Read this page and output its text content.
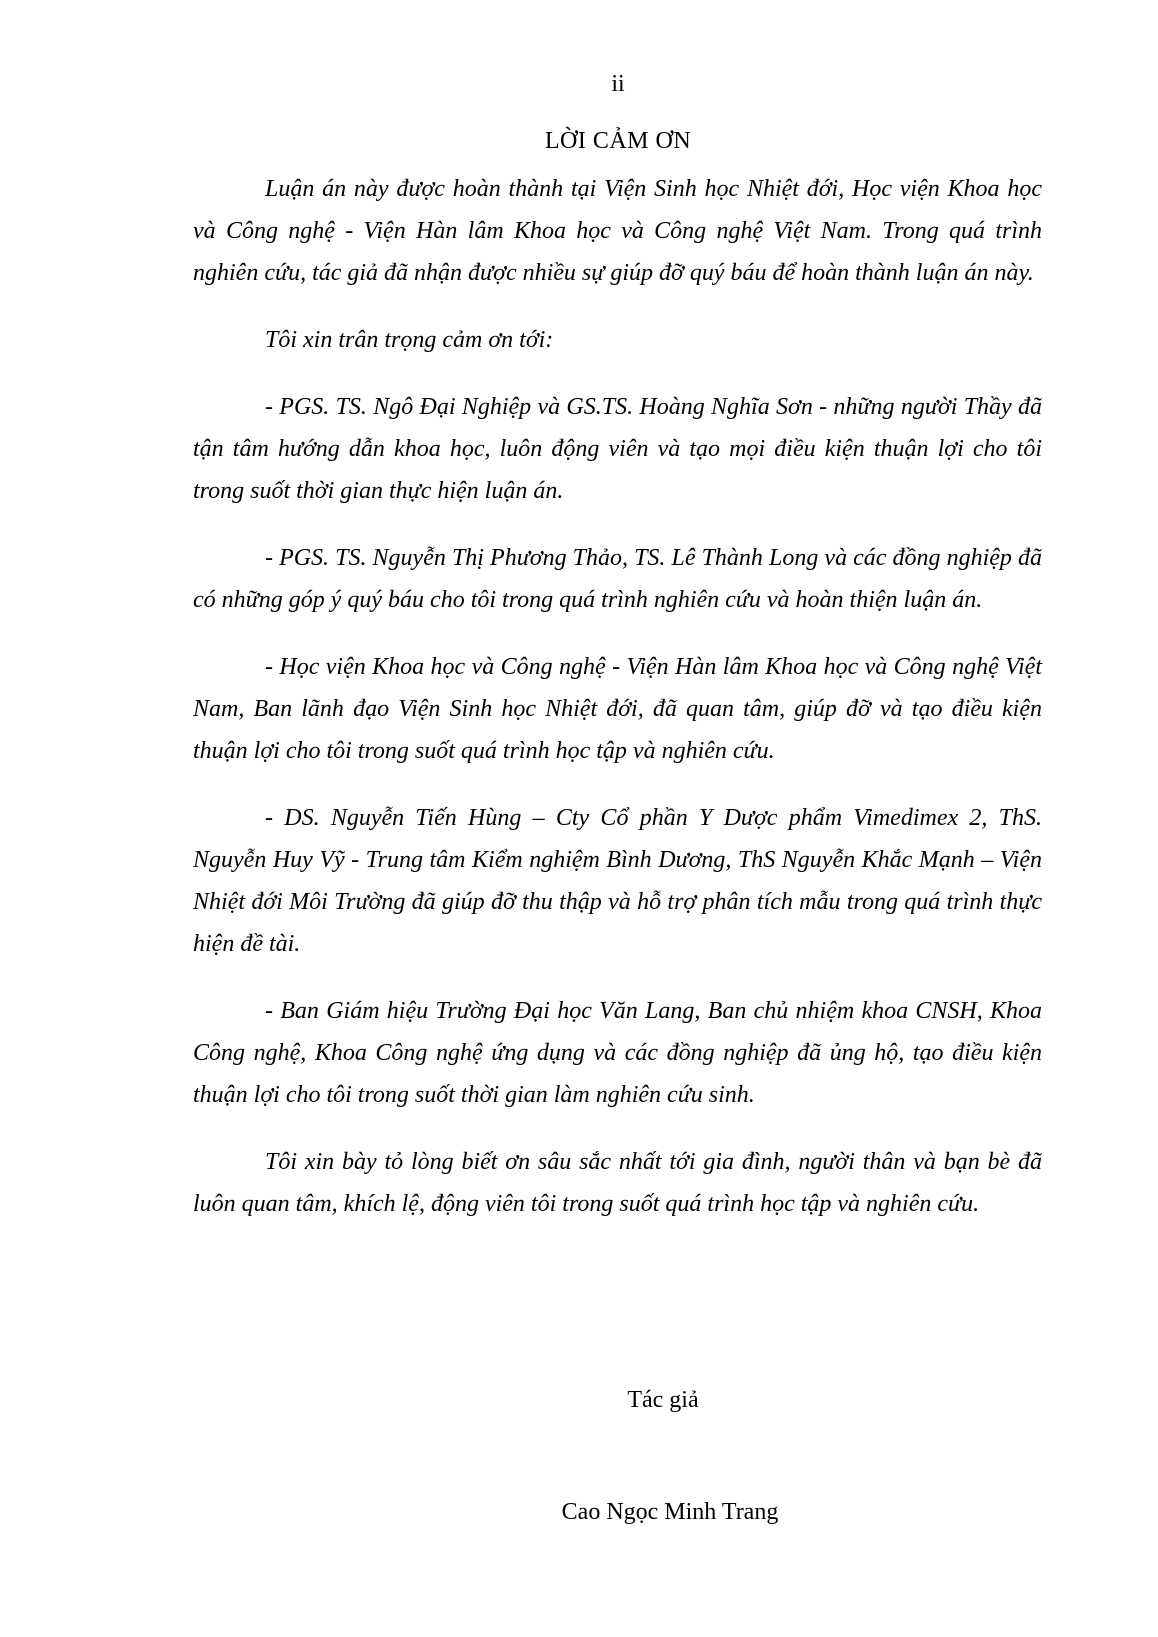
ii
LỜI CẢM ƠN

Luận án này được hoàn thành tại Viện Sinh học Nhiệt đới, Học viện Khoa học và Công nghệ - Viện Hàn lâm Khoa học và Công nghệ Việt Nam. Trong quá trình nghiên cứu, tác giả đã nhận được nhiều sự giúp đỡ quý báu để hoàn thành luận án này.

Tôi xin trân trọng cảm ơn tới:

- PGS. TS. Ngô Đại Nghiệp và GS.TS. Hoàng Nghĩa Sơn - những người Thầy đã tận tâm hướng dẫn khoa học, luôn động viên và tạo mọi điều kiện thuận lợi cho tôi trong suốt thời gian thực hiện luận án.

- PGS. TS. Nguyễn Thị Phương Thảo, TS. Lê Thành Long và các đồng nghiệp đã có những góp ý quý báu cho tôi trong quá trình nghiên cứu và hoàn thiện luận án.

- Học viện Khoa học và Công nghệ - Viện Hàn lâm Khoa học và Công nghệ Việt Nam, Ban lãnh đạo Viện Sinh học Nhiệt đới, đã quan tâm, giúp đỡ và tạo điều kiện thuận lợi cho tôi trong suốt quá trình học tập và nghiên cứu.

- DS. Nguyễn Tiến Hùng – Cty Cổ phần Y Dược phẩm Vimedimex 2, ThS. Nguyễn Huy Vỹ - Trung tâm Kiểm nghiệm Bình Dương, ThS Nguyễn Khắc Mạnh – Viện Nhiệt đới Môi Trường đã giúp đỡ thu thập và hỗ trợ phân tích mẫu trong quá trình thực hiện đề tài.

- Ban Giám hiệu Trường Đại học Văn Lang, Ban chủ nhiệm khoa CNSH, Khoa Công nghệ, Khoa Công nghệ ứng dụng và các đồng nghiệp đã ủng hộ, tạo điều kiện thuận lợi cho tôi trong suốt thời gian làm nghiên cứu sinh.

Tôi xin bày tỏ lòng biết ơn sâu sắc nhất tới gia đình, người thân và bạn bè đã luôn quan tâm, khích lệ, động viên tôi trong suốt quá trình học tập và nghiên cứu.

Tác giả
Cao Ngọc Minh Trang
